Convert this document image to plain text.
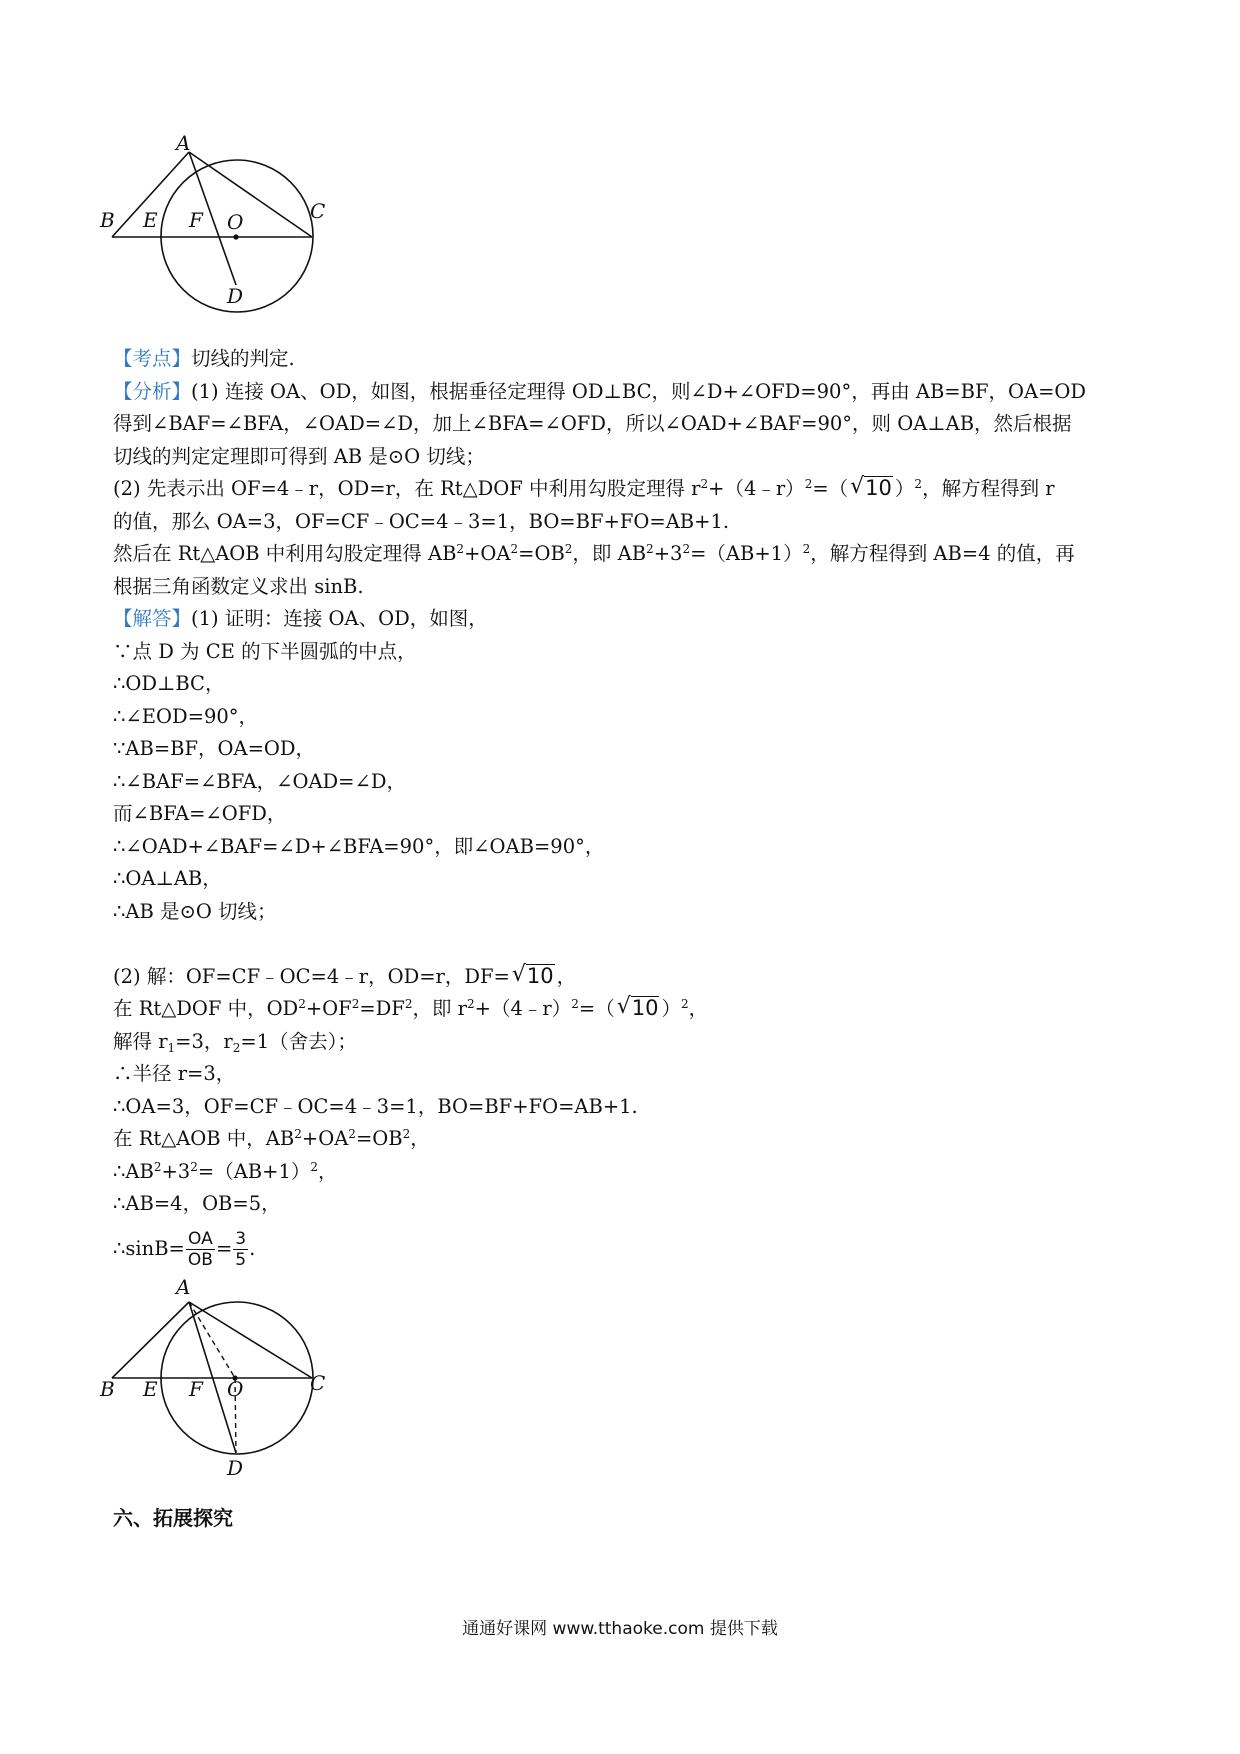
A
B E F O	C
D
【考点】切线的判定.
【分析】(1) 连接 OA、OD，如图，根据垂径定理得 OD⊥BC，则∠D+∠OFD=90°，再由 AB=BF，OA=OD
得到∠BAF=∠BFA，∠OAD=∠D，加上∠BFA=∠OFD，所以∠OAD+∠BAF=90°，则 OA⊥AB，然后根据
切线的判定定理即可得到 AB 是⊙O 切线；
(2) 先表示出 OF=4﹣r，OD=r，在 Rt△DOF 中利用勾股定理得 $r^2+(4﹣r)^2=$（ √ 10 ）$^2$，解方程得到 r
的值，那么 OA=3，OF=CF﹣OC=4﹣3=1，BO=BF+FO=AB+1.
然后在 Rt△AOB 中利用勾股定理得 $AB^2+OA^2=OB^2$，即 $AB^2+3^2=(AB+1)^2$，解方程得到 AB=4 的值，再
根据三角函数定义求出 sinB.
【解答】(1) 证明：连接 OA、OD，如图，
∵点 D 为 CE 的下半圆弧的中点，
∴OD⊥BC，
∴∠EOD=90°，
∵AB=BF，OA=OD，
∴∠BAF=∠BFA，∠OAD=∠D，
而∠BFA=∠OFD，
∴∠OAD+∠BAF=∠D+∠BFA=90°，即∠OAB=90°，
∴OA⊥AB，
∴AB 是⊙O 切线；
(2) 解：OF=CF﹣OC=4﹣r，OD=r，DF= √ 10 ，
在 Rt△DOF 中，$OD^2+OF^2=DF^2$，即 $r^2+(4﹣r)^2=$（ √ 10 ）$^2$，
解得 $r_1=3$，$r_2=1$（舍去）；
∴半径 r=3，
∴OA=3，OF=CF﹣OC=4﹣3=1，BO=BF+FO=AB+1.
在 Rt△AOB 中，$AB^2+OA^2=OB^2$，
$\therefore AB^2+3^2=(AB+1)^2$，
∴AB=4，OB=5，
∴sinB= $\frac{OA}{OB} = \frac{3}{5}$ .
A
B E F O	C
D
六、拓展探究
通通好课网 www.tthaoke.com 提供下载
